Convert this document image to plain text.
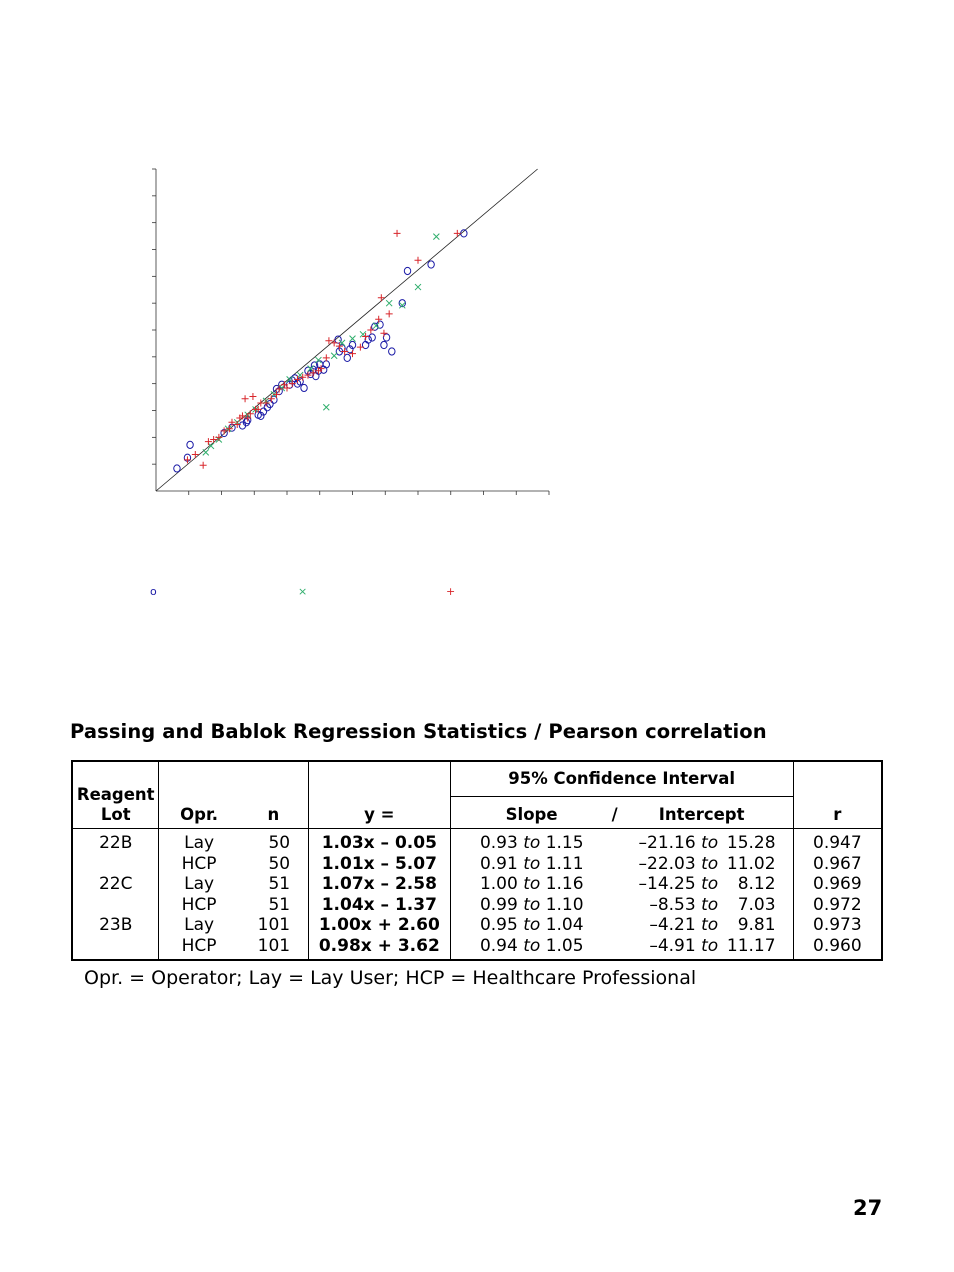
o	×	+
Passing and Bablok Regression Statistics / Pearson correlation
Reagent
Lot	Opr.	n	y =	95% Confidence Interval	r
				Slope / Intercept	
22B	Lay	50	1.03x – 0.05	0.93 to 1.15 –21.16 to 15.28	0.947
	HCP	50	1.01x – 5.07	0.91 to 1.11 –22.03 to 11.02	0.967
22C	Lay	51	1.07x – 2.58	1.00 to 1.16 –14.25 to 8.12	0.969
	HCP	51	1.04x – 1.37	0.99 to 1.10 –8.53 to 7.03	0.972
23B	Lay	101	1.00x + 2.60	0.95 to 1.04 –4.21 to 9.81	0.973
	HCP	101	0.98x + 3.62	0.94 to 1.05 –4.91 to 11.17	0.960
Opr. = Operator; Lay = Lay User; HCP = Healthcare Professional
27
